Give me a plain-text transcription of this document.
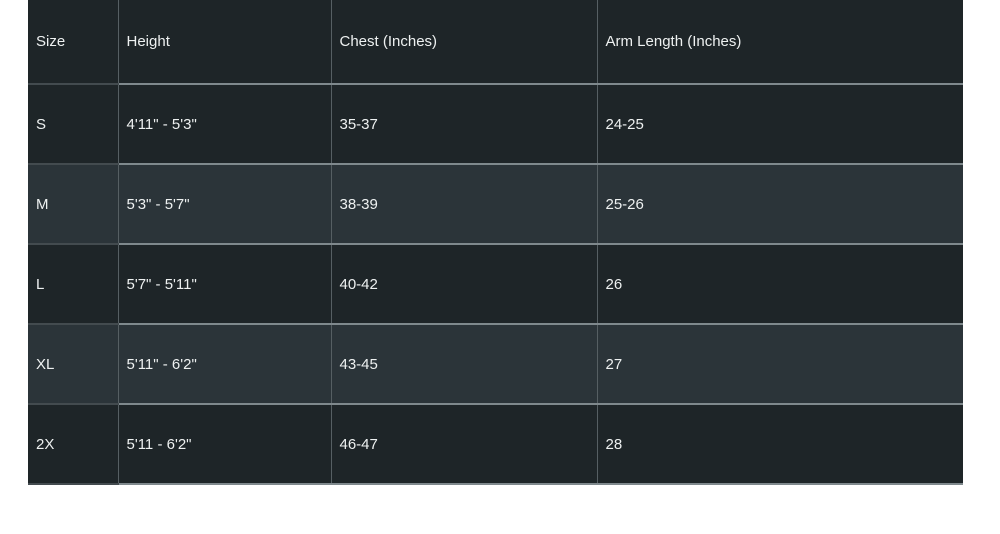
Size	Height	Chest (Inches)	Arm Length (Inches)
S	4'11" - 5'3"	35-37	24-25
M	5'3" - 5'7"	38-39	25-26
L	5'7" - 5'11"	40-42	26
XL	5'11" - 6'2"	43-45	27
2X	5'11 - 6'2"	46-47	28
